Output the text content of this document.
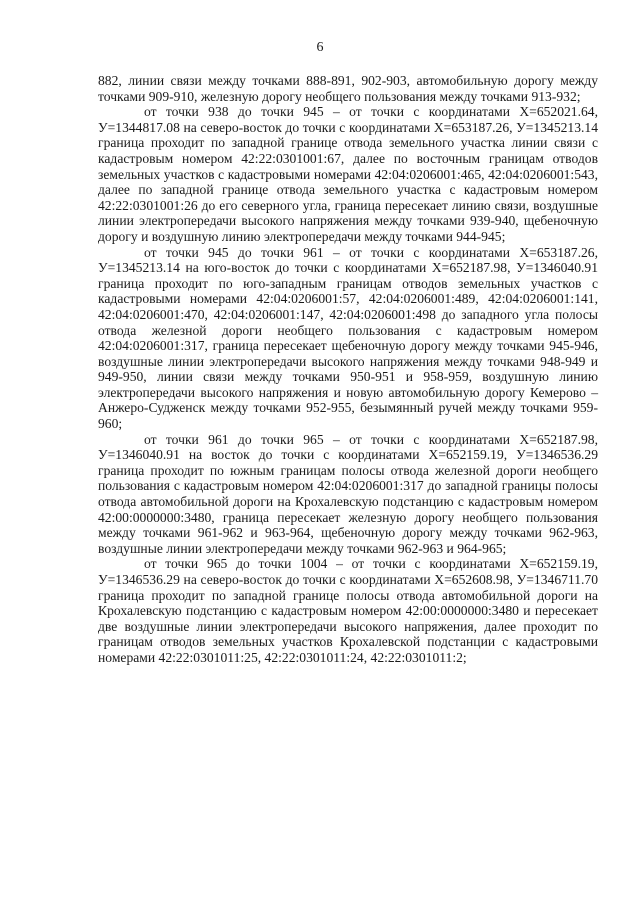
6

882, линии связи между точками 888-891, 902-903, автомобильную дорогу между точками 909-910, железную дорогу необщего пользования между точками 913-932;

от точки 938 до точки 945 – от точки с координатами Х=652021.64, У=1344817.08 на северо-восток до точки с координатами Х=653187.26, У=1345213.14 граница проходит по западной границе отвода земельного участка линии связи с кадастровым номером 42:22:0301001:67, далее по восточным границам отводов земельных участков с кадастровыми номерами 42:04:0206001:465, 42:04:0206001:543, далее по западной границе отвода земельного участка с кадастровым номером 42:22:0301001:26 до его северного угла, граница пересекает линию связи, воздушные линии электропередачи высокого напряжения между точками 939-940, щебеночную дорогу и воздушную линию электропередачи между точками 944-945;

от точки 945 до точки 961 – от точки с координатами Х=653187.26, У=1345213.14 на юго-восток до точки с координатами Х=652187.98, У=1346040.91 граница проходит по юго-западным границам отводов земельных участков с кадастровыми номерами 42:04:0206001:57, 42:04:0206001:489, 42:04:0206001:141, 42:04:0206001:470, 42:04:0206001:147, 42:04:0206001:498 до западного угла полосы отвода железной дороги необщего пользования с кадастровым номером 42:04:0206001:317, граница пересекает щебеночную дорогу между точками 945-946, воздушные линии электропередачи высокого напряжения между точками 948-949 и 949-950, линии связи между точками 950-951 и 958-959, воздушную линию электропередачи высокого напряжения и новую автомобильную дорогу Кемерово – Анжеро-Судженск между точками 952-955, безымянный ручей между точками 959-960;

от точки 961 до точки 965 – от точки с координатами Х=652187.98, У=1346040.91 на восток до точки с координатами Х=652159.19, У=1346536.29 граница проходит по южным границам полосы отвода железной дороги необщего пользования с кадастровым номером 42:04:0206001:317 до западной границы полосы отвода автомобильной дороги на Крохалевскую подстанцию с кадастровым номером 42:00:0000000:3480, граница пересекает железную дорогу необщего пользования между точками 961-962 и 963-964, щебеночную дорогу между точками 962-963, воздушные линии электропередачи между точками 962-963 и 964-965;

от точки 965 до точки 1004 – от точки с координатами Х=652159.19, У=1346536.29 на северо-восток до точки с координатами Х=652608.98, У=1346711.70 граница проходит по западной границе полосы отвода автомобильной дороги на Крохалевскую подстанцию с кадастровым номером 42:00:0000000:3480 и пересекает две воздушные линии электропередачи высокого напряжения, далее проходит по границам отводов земельных участков Крохалевской подстанции с кадастровыми номерами 42:22:0301011:25, 42:22:0301011:24, 42:22:0301011:2;
